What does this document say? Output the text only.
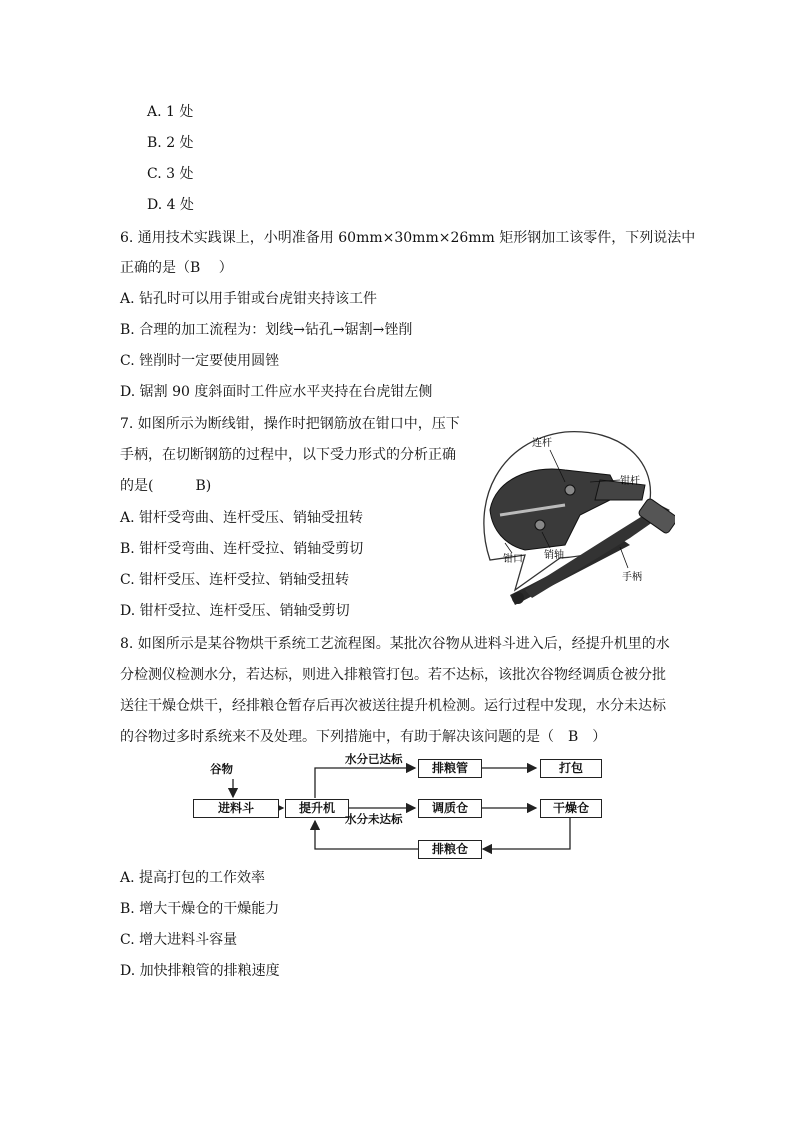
A. 1 处
B. 2 处
C. 3 处
D. 4 处
6. 通用技术实践课上，小明准备用 60mm×30mm×26mm 矩形钢加工该零件，下列说法中
正确的是（B　 ）
A. 钻孔时可以用手钳或台虎钳夹持该工件
B. 合理的加工流程为：划线→钻孔→锯割→锉削
C. 锉削时一定要使用圆锉
D. 锯割 90 度斜面时工件应水平夹持在台虎钳左侧
7. 如图所示为断线钳，操作时把钢筋放在钳口中，压下
手柄，在切断钢筋的过程中，以下受力形式的分析正确
的是(　　　B)
A. 钳杆受弯曲、连杆受压、销轴受扭转
B. 钳杆受弯曲、连杆受拉、销轴受剪切
C. 钳杆受压、连杆受拉、销轴受扭转
D. 钳杆受拉、连杆受压、销轴受剪切
连杆
钳杆
钳口 销轴
手柄
8. 如图所示是某谷物烘干系统工艺流程图。某批次谷物从进料斗进入后，经提升机里的水
分检测仪检测水分，若达标，则进入排粮管打包。若不达标，该批次谷物经调质仓被分批
送往干燥仓烘干，经排粮仓暂存后再次被送往提升机检测。运行过程中发现，水分未达标
的谷物过多时系统来不及处理。下列措施中，有助于解决该问题的是（　B　）
谷物
进料斗	提升机
水分已达标
水分未达标
排粮管	打包
调质仓	干燥仓
排粮仓
A. 提高打包的工作效率
B. 增大干燥仓的干燥能力
C. 增大进料斗容量
D. 加快排粮管的排粮速度
